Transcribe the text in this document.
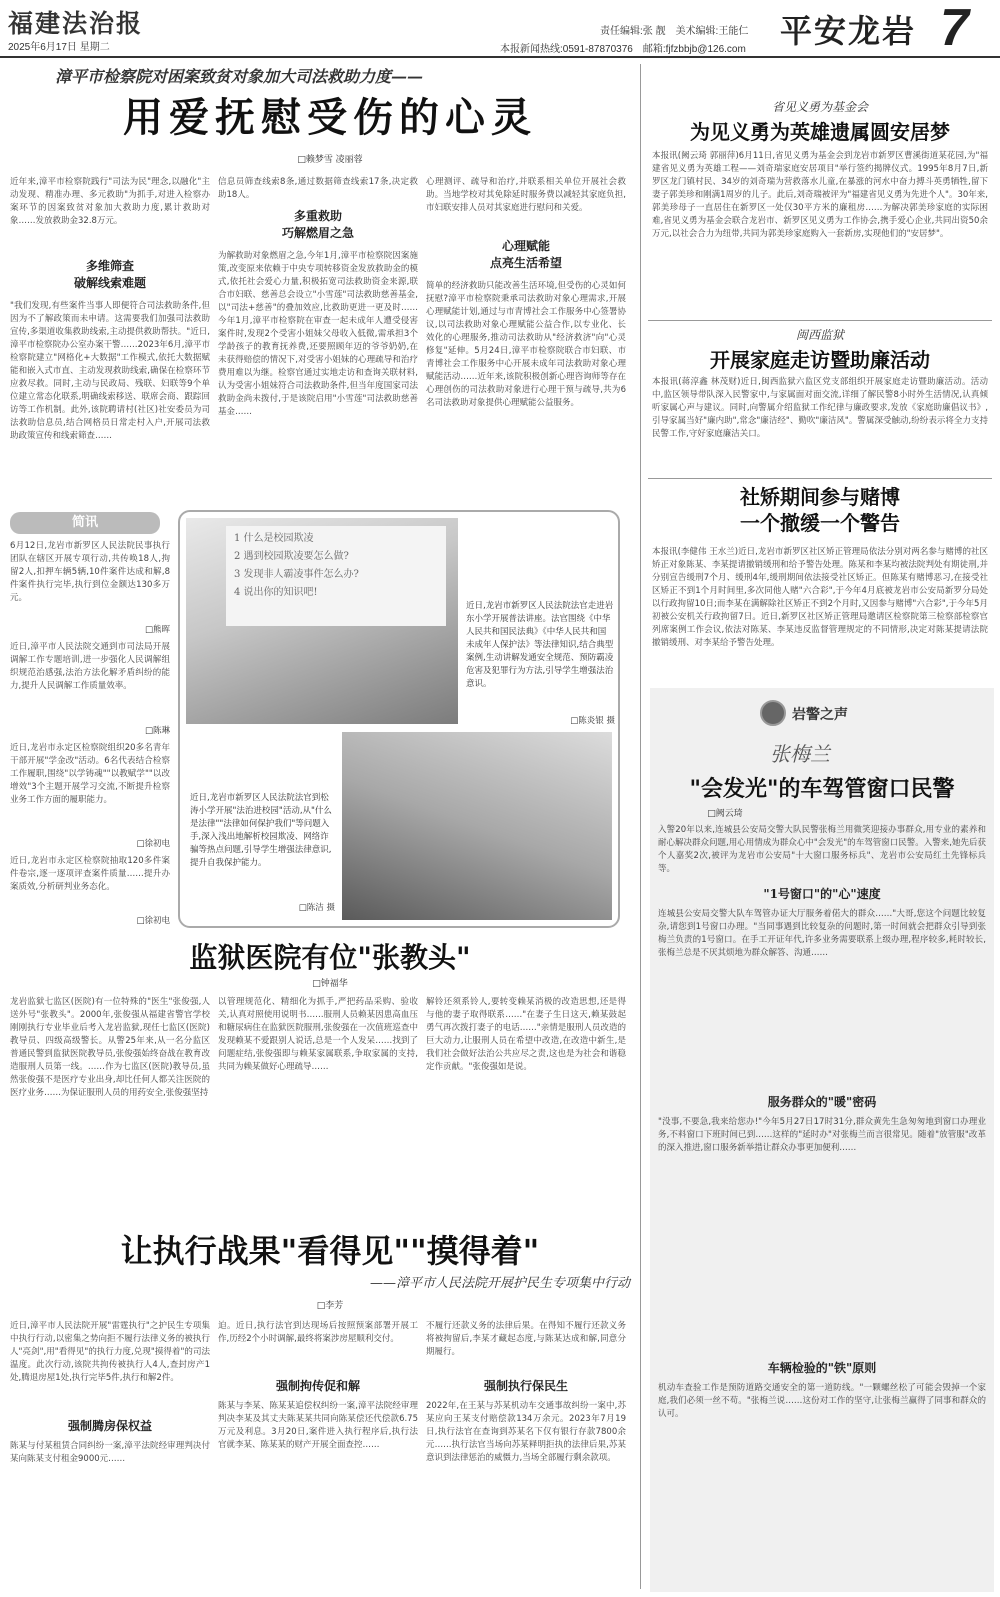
福建法治报
2025年6月17日 星期二
责任编辑:张 靓　美术编辑:王能仁
本报新闻热线:0591-87870376　邮箱:fjfzbbjb@126.com 平安龙岩 7
漳平市检察院对困案致贫对象加大司法救助力度——
用爱抚慰受伤的心灵
□赖梦雪 凌丽蓉
近年来,漳平市检察院践行"司法为民"理念,以融化"主动发现、精准办理、多元救助"为抓手,对进入检察办案环节的因案致贫对象加大救助力度,累计救助对象……发放救助金32.8万元。
多维筛查
破解线索难题
"我们发现,有些案件当事人即便符合司法救助条件,但因为不了解政策而未申请。这需要我们加强司法救助宣传,多渠道收集救助线索,主动提供救助帮扶。"近日,漳平市检察院办公室办案干警……2023年6月,漳平市检察院建立"网格化+大数据"工作模式,依托大数据赋能和嵌入式市直、主动发现救助线索,确保在检察环节应救尽救。同时,主动与民政局、残联、妇联等9个单位建立常态化联系,明确线索移送、联席会商、跟踪回访等工作机制。此外,该院聘请村(社区)社安委员为司法救助信息员,结合网格员日常走村入户,开展司法救助政策宣传和线索筛查……
多重救助
巧解燃眉之急
信息员筛查线索8条,通过数据筛查线索17条,决定救助18人。
为解救助对象燃眉之急,今年1月,漳平市检察院因案施策,改变原来依赖于中央专项转移资金发放救助金的模式,依托社会爱心力量,积极拓宽司法救助资金来源,联合市妇联、慈善总会设立"小雪莲"司法救助慈善基金,以"司法+慈善"的叠加效应,比救助更进一更及时……今年1月,漳平市检察院在审查一起未成年人遭受侵害案件时,发现2个受害小姐妹父母收入低微,需承担3个学龄孩子的教育抚养费,还要照顾年迈的爷爷奶奶,在未获得赔偿的情况下,对受害小姐妹的心理疏导和治疗费用难以为继。检察官通过实地走访和查询关联材料,认为受害小姐妹符合司法救助条件,但当年度国家司法救助金尚未拨付,于是该院启用"小雪莲"司法救助慈善基金……
心理测评、疏导和治疗,并联系相关单位开展社会救助。当地学校对其免除延时服务费以减轻其家庭负担,市妇联安排人员对其家庭进行慰问和关爱。
心理赋能
点亮生活希望
简单的经济救助只能改善生活环境,但受伤的心灵如何抚慰?漳平市检察院秉承司法救助对象心理需求,开展心理赋能计划,通过与市青博社会工作服务中心签署协议,以司法救助对象心理赋能公益合作,以专业化、长效化的心理服务,推动司法救助从"经济救济"向"心灵修复"延伸。5月24日,漳平市检察院联合市妇联、市青博社会工作服务中心开展未成年司法救助对象心理赋能活动……近年来,该院积极创新心理咨询师等存在心理创伤的司法救助对象进行心理干预与疏导,共为6名司法救助对象提供心理赋能公益服务。
简讯
6月12日,龙岩市新罗区人民法院民事执行团队在辖区开展专项行动,共传唤18人,拘留2人,扣押车辆5辆,10件案件达成和解,8件案件执行完毕,执行到位金额达130多万元。
□熊晖
近日,漳平市人民法院交通到市司法局开展调解工作专题培训,进一步强化人民调解组织规范治感强,法治方法化解矛盾纠纷的能力,提升人民调解工作质量效率。
□陈琳
近日,龙岩市永定区检察院组织20多名青年干部开展"学金改"活动。6名代表结合检察工作履职,围绕"以学铸魂""以教赋学""以改增效"3个主题开展学习交流,不断提升检察业务工作方面的履职能力。
□徐初电
近日,龙岩市永定区检察院抽取120多件案件卷宗,逐一逐项评查案件质量……提升办案质效,分析研判业务态化。
□徐初电
1 什么是校园欺凌
2 遇到校园欺凌要怎么做?
3 发现非人霸凌事件怎么办?
4 说出你的知识吧!
近日,龙岩市新罗区人民法院法官走进岩东小学开展普法讲座。法官围绕《中华人民共和国民法典》《中华人民共和国未成年人保护法》等法律知识,结合典型案例,生动讲解发通安全规范、预防霸凌危害及犯罪行为方法,引导学生增强法治意识。
□陈炎银 摄
近日,龙岩市新罗区人民法院法官到松涛小学开展"法治进校园"活动,从"什么是法律""法律如何保护我们"等问题入手,深入浅出地解析校园欺凌、网络诈骗等热点问题,引导学生增强法律意识,提升自我保护能力。
□陈洁 摄
监狱医院有位"张教头"
□钟福华
龙岩监狱七监区(医院)有一位特殊的"医生"张俊强,人送外号"张教头"。2000年,张俊强从福建省警官学校刚刚执行专业毕业后考入龙岩监狱,现任七监区(医院)教导员、四级高级警长。从警25年来,从一名分监区普通民警到监狱医院教导员,张俊强始终奋战在教育改造服刑人员第一线。……作为七监区(医院)教导员,虽然张俊强不是医疗专业出身,却比任何人都关注医院的医疗业务……为保证服刑人员的用药安全,张俊强坚持
以管理规范化、精细化为抓手,严把药品采购、验收关,认真对照使用说明书……服刑人员赖某因患高血压和糖尿病住在监狱医院服刑,张俊强在一次值班巡查中发现赖某不爱跟别人说话,总是一个人发呆……找到了问题症结,张俊强即与赖某家属联系,争取家属的支持,共同为赖某做好心理疏导……
解铃还须系铃人,要转变赖某消极的改造思想,还是得与他的妻子取得联系……"在妻子生日这天,赖某鼓起勇气再次拨打妻子的电话……"亲情是服刑人员改造的巨大动力,让服刑人员在希望中改造,在改造中新生,是我们社会做好法治公共应尽之责,这也是为社会和谐稳定作贡献。"张俊强如是说。
让执行战果"看得见""摸得着"
——漳平市人民法院开展护民生专项集中行动
□李芳
近日,漳平市人民法院开展"雷霆执行"之护民生专项集中执行行动,以密集之势向拒不履行法律义务的被执行人"亮剑",用"看得见"的执行力度,兑现"摸得着"的司法温度。此次行动,该院共拘传被执行人4人,查封房产1处,腾退房屋1处,执行完毕5件,执行和解2件。
强制腾房保权益
陈某与付某租赁合同纠纷一案,漳平法院经审理判决付某向陈某支付租金9000元……
迫。近日,执行法官到达现场后按照预案部署开展工作,历经2个小时调解,最终将案涉房屋顺利交付。
强制拘传促和解
陈某与李某、陈某某追偿权纠纷一案,漳平法院经审理判决李某及其丈夫陈某某共同向陈某偿还代偿款6.75万元及利息。3月20日,案件进入执行程序后,执行法官就李某、陈某某的财产开展全面查控……
不履行还款义务的法律后果。在得知不履行还款义务将被拘留后,李某才藏起态度,与陈某达成和解,同意分期履行。
强制执行保民生
2022年,在王某与苏某机动车交通事故纠纷一案中,苏某应向王某支付赔偿款134万余元。2023年7月19日,执行法官在查询到苏某名下仅有银行存款7800余元……执行法官当场向苏某释明拒执的法律后果,苏某意识到法律惩治的威慑力,当场全部履行剩余款项。
省见义勇为基金会
为见义勇为英雄遗属圆安居梦
本报讯(阙云琦 郭丽萍)6月11日,省见义勇为基金会到龙岩市新罗区曹溪街道某花园,为"福建省见义勇为英雄工程——刘奇瑞家庭安居项目"举行签约揭牌仪式。1995年8月7日,新罗区龙门镇村民、34岁的刘奇瑞为营救落水儿童,在暴涨的河水中奋力搏斗英勇牺牲,留下妻子郭美珍和刚满1周岁的儿子。此后,刘奇瑞被评为"福建省见义勇为先进个人"。30年来,郭美珍母子一直居住在新罗区一处仅30平方米的廉租房……为解决郭美珍家庭的实际困难,省见义勇为基金会联合龙岩市、新罗区见义勇为工作协会,携手爱心企业,共同出资50余万元,以社会合力为纽带,共同为郭美珍家庭购入一套新房,实现他们的"安居梦"。
闽西监狱
开展家庭走访暨助廉活动
本报讯(蒋淳鑫 林茂财)近日,闽西监狱六监区党支部组织开展家庭走访暨助廉活动。活动中,监区领导带队深入民警家中,与家属面对面交流,详细了解民警8小时外生活情况,认真倾听家属心声与建议。同时,向警属介绍监狱工作纪律与廉政要求,发放《家庭助廉倡议书》,引导家属当好"廉内助",常念"廉洁经"、勤吹"廉洁风"。警属深受触动,纷纷表示将全力支持民警工作,守好家庭廉洁关口。
社矫期间参与赌博
一个撤缓一个警告
本报讯(李健伟 王水兰)近日,龙岩市新罗区社区矫正管理局依法分别对两名参与赌博的社区矫正对象陈某、李某提请撤销缓刑和给予警告处理。陈某和李某均被法院判处有期徒刑,并分别宣告缓刑7个月、缓刑4年,缓刑期间依法接受社区矫正。但陈某有赌博恶习,在接受社区矫正不到1个月时间里,多次同他人赌"六合彩",于今年4月底被龙岩市公安局新罗分局处以行政拘留10日;而李某在满解除社区矫正不到2个月时,又因参与赌博"六合彩",于今年5月初被公安机关行政拘留7日。近日,新罗区社区矫正管理局邀请区检察院第三检察部检察官列席案例工作会议,依法对陈某、李某违反监督管理规定的不同情形,决定对陈某提请法院撤销缓刑、对李某给予警告处理。
岩警之声
张梅兰
"会发光"的车驾管窗口民警
□阙云琦
入警20年以来,连城县公安局交警大队民警张梅兰用微笑迎接办事群众,用专业的素养和耐心解决群众问题,用心用情成为群众心中"会发光"的车驾管窗口民警。入警来,她先后获个人嘉奖2次,被评为龙岩市公安局"十大窗口服务标兵"、龙岩市公安局红土先锋标兵等。
"1号窗口"的"心"速度
连城县公安局交警大队车驾管办证大厅服务着偌大的群众……"大哥,您这个问题比较复杂,请您到1号窗口办理。"当同事遇到比较复杂的问题时,第一时间就会把群众引导到张梅兰负责的1号窗口。在手工开证年代,许多业务需要联系上级办理,程序较多,耗时较长,张梅兰总是不厌其烦地为群众解答、沟通……
服务群众的"暖"密码
"没事,不要急,我来给您办!"今年5月27日17时31分,群众黄先生急匆匆地到窗口办理业务,不料窗口下班时间已到……这样的"延时办"对张梅兰而言很常见。随着"放管服"改革的深入推进,窗口服务新举措让群众办事更加便利……
车辆检验的"铁"原则
机动车查验工作是预防道路交通安全的第一道防线。"一颗螺丝松了可能会毁掉一个家庭,我们必须一丝不苟。"张梅兰说……这份对工作的坚守,让张梅兰赢得了同事和群众的认可。
